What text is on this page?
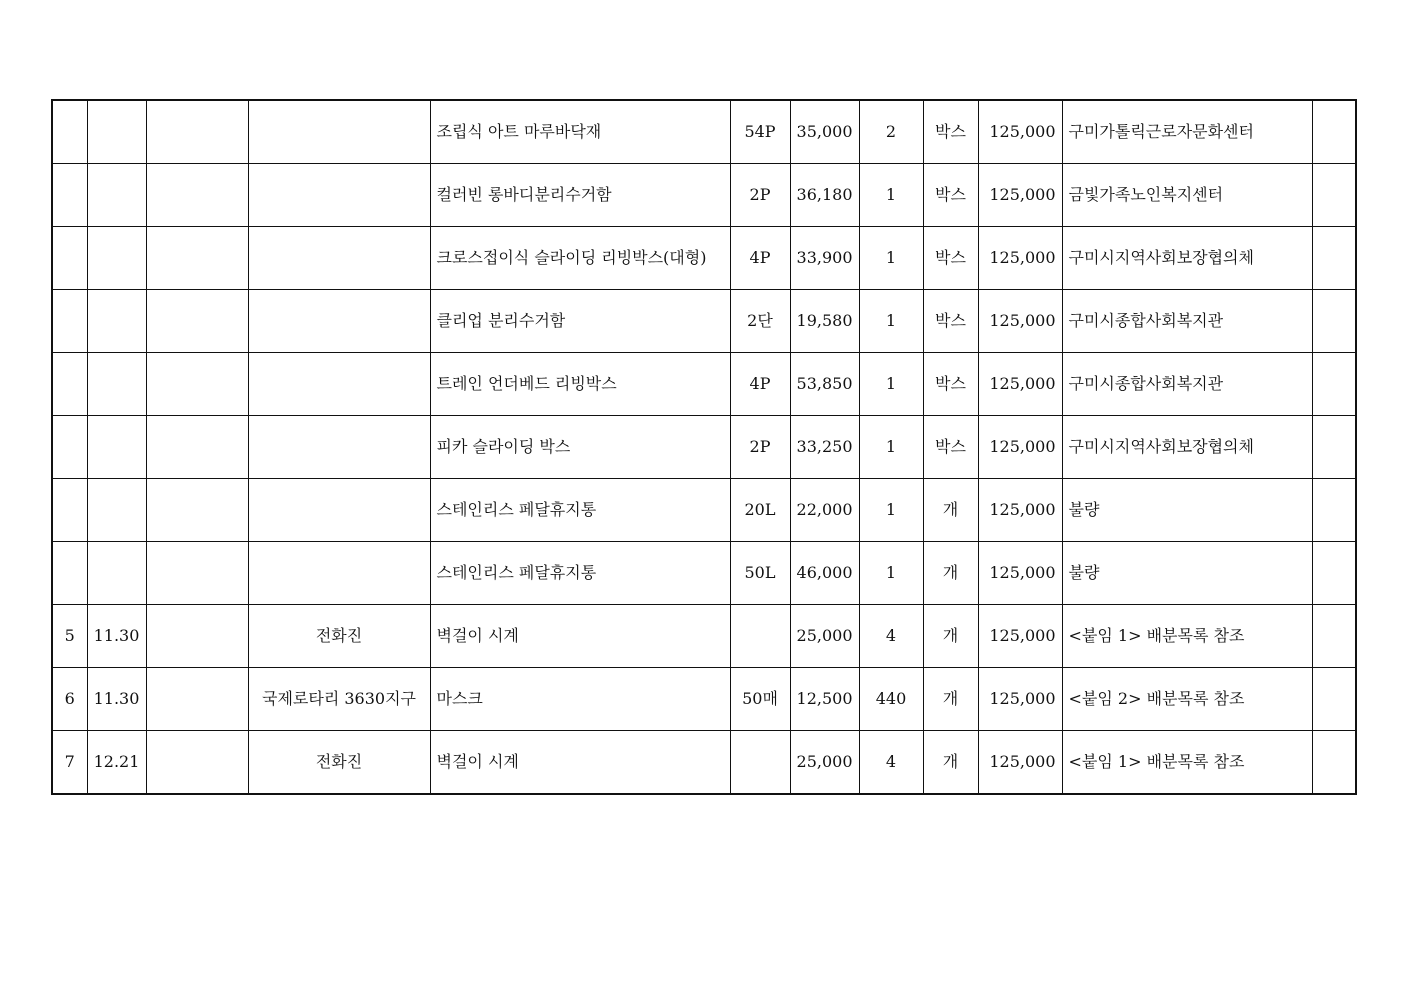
				조립식 아트 마루바닥재	54P	35,000	2	박스	125,000	구미가톨릭근로자문화센터	
				컬러빈 롱바디분리수거함	2P	36,180	1	박스	125,000	금빛가족노인복지센터	
				크로스접이식 슬라이딩 리빙박스(대형)	4P	33,900	1	박스	125,000	구미시지역사회보장협의체	
				클리업 분리수거함	2단	19,580	1	박스	125,000	구미시종합사회복지관	
				트레인 언더베드 리빙박스	4P	53,850	1	박스	125,000	구미시종합사회복지관	
				피카 슬라이딩 박스	2P	33,250	1	박스	125,000	구미시지역사회보장협의체	
				스테인리스 페달휴지통	20L	22,000	1	개	125,000	불량	
				스테인리스 페달휴지통	50L	46,000	1	개	125,000	불량	
5	11.30		전화진	벽걸이 시계		25,000	4	개	125,000	<붙임 1> 배분목록 참조	
6	11.30		국제로타리 3630지구	마스크	50매	12,500	440	개	125,000	<붙임 2> 배분목록 참조	
7	12.21		전화진	벽걸이 시계		25,000	4	개	125,000	<붙임 1> 배분목록 참조	
